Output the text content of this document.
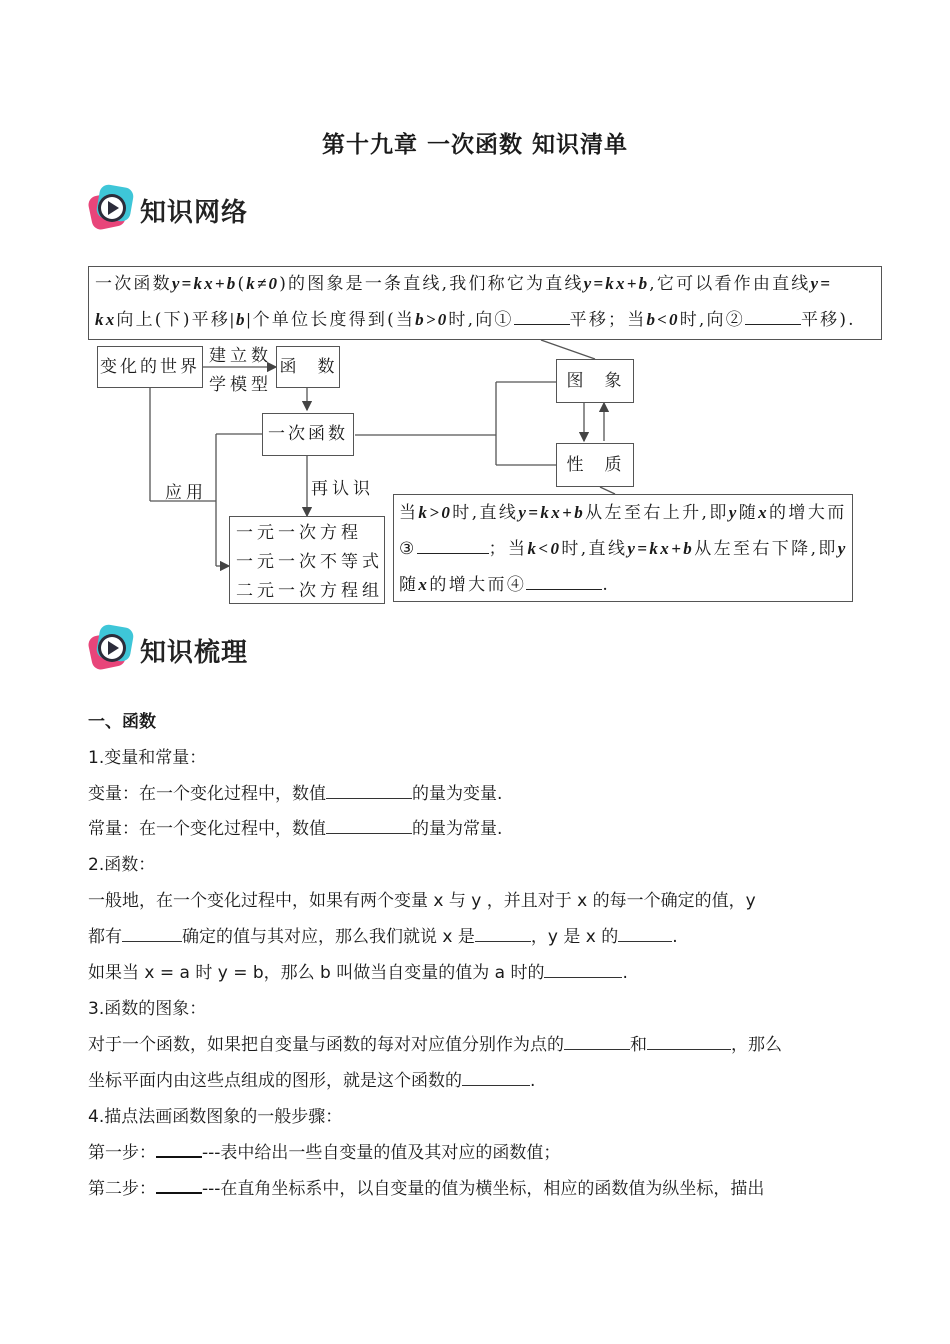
第十九章 一次函数 知识清单
知识网络
一次函数y=kx+b(k≠0)的图象是一条直线,我们称它为直线y=kx+b,它可以看作由直线y=
kx向上(下)平移|b|个单位长度得到(当b>0时,向①	平移；当b<0时,向②	平移).
变化的世界
建立数
学模型
函　数
一次函数
图　象
性　质
应用	再认识
一元一次方程
一元一次不等式
二元一次方程组
当k>0时,直线y=kx+b从左至右上升,即y随x的增大而
③	；当k<0时,直线y=kx+b从左至右下降,即y
随x的增大而④	.
知识梳理
一、函数
1.变量和常量：
变量：在一个变化过程中，数值	的量为变量.
常量：在一个变化过程中，数值	的量为常量.
2.函数：
一般地，在一个变化过程中，如果有两个变量 x 与 y ，并且对于 x 的每一个确定的值，y
都有	确定的值与其对应，那么我们就说 x 是	，y 是 x 的	.
如果当 x = a 时 y = b，那么 b 叫做当自变量的值为 a 时的	.
3.函数的图象：
对于一个函数，如果把自变量与函数的每对对应值分别作为点的	和	，那么
坐标平面内由这些点组成的图形，就是这个函数的	.
4.描点法画函数图象的一般步骤：
第一步：	---表中给出一些自变量的值及其对应的函数值；
第二步：	---在直角坐标系中，以自变量的值为横坐标，相应的函数值为纵坐标，描出
